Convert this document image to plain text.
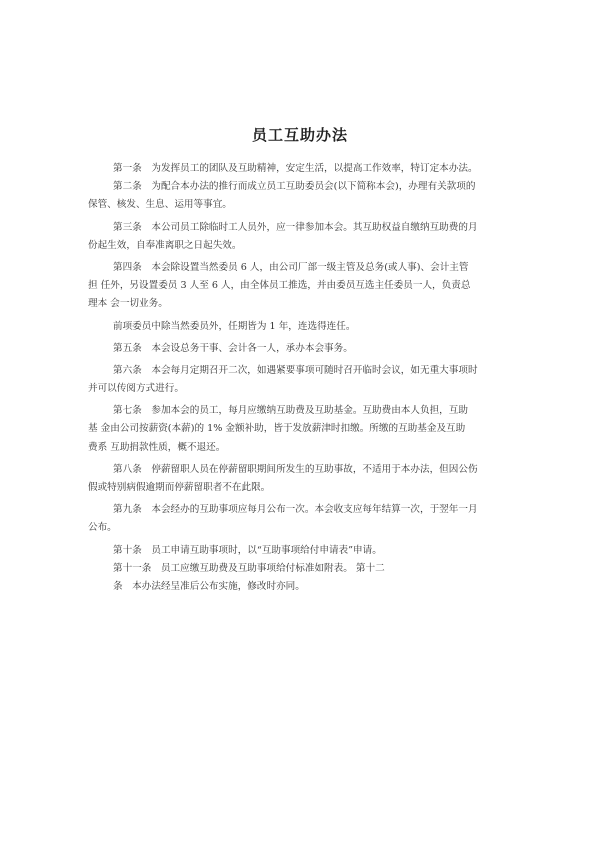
员工互助办法
第一条　为发挥员工的团队及互助精神，安定生活，以提高工作效率，特订定本办法。
第二条　为配合本办法的推行而成立员工互助委员会(以下简称本会)，办理有关款项的
保管、核发、生息、运用等事宜。
第三条　本公司员工除临时工人员外，应一律参加本会。其互助权益自缴纳互助费的月
份起生效，自奉准离职之日起失效。
第四条　本会除设置当然委员 6 人，由公司厂部一级主管及总务(或人事)、会计主管
担 任外，另设置委员 3 人至 6 人，由全体员工推选，并由委员互选主任委员一人，负责总
理本 会一切业务。
前项委员中除当然委员外，任期皆为 1 年，连选得连任。
第五条　本会设总务干事、会计各一人，承办本会事务。
第六条　本会每月定期召开二次，如遇紧要事项可随时召开临时会议，如无重大事项时
并可以传阅方式进行。
第七条　参加本会的员工，每月应缴纳互助费及互助基金。互助费由本人负担，互助
基 金由公司按薪资(本薪)的 1% 金额补助，皆于发放薪津时扣缴。所缴的互助基金及互助
费系 互助捐款性质，概不退还。
第八条　停薪留职人员在停薪留职期间所发生的互助事故，不适用于本办法，但因公伤
假或特别病假逾期而停薪留职者不在此限。
第九条　本会经办的互助事项应每月公布一次。本会收支应每年结算一次，于翌年一月
公布。
第十条　员工申请互助事项时，以“互助事项给付申请表”申请。
第十一条　员工应缴互助费及互助事项给付标准如附表。 第十二
条　本办法经呈准后公布实施，修改时亦同。
